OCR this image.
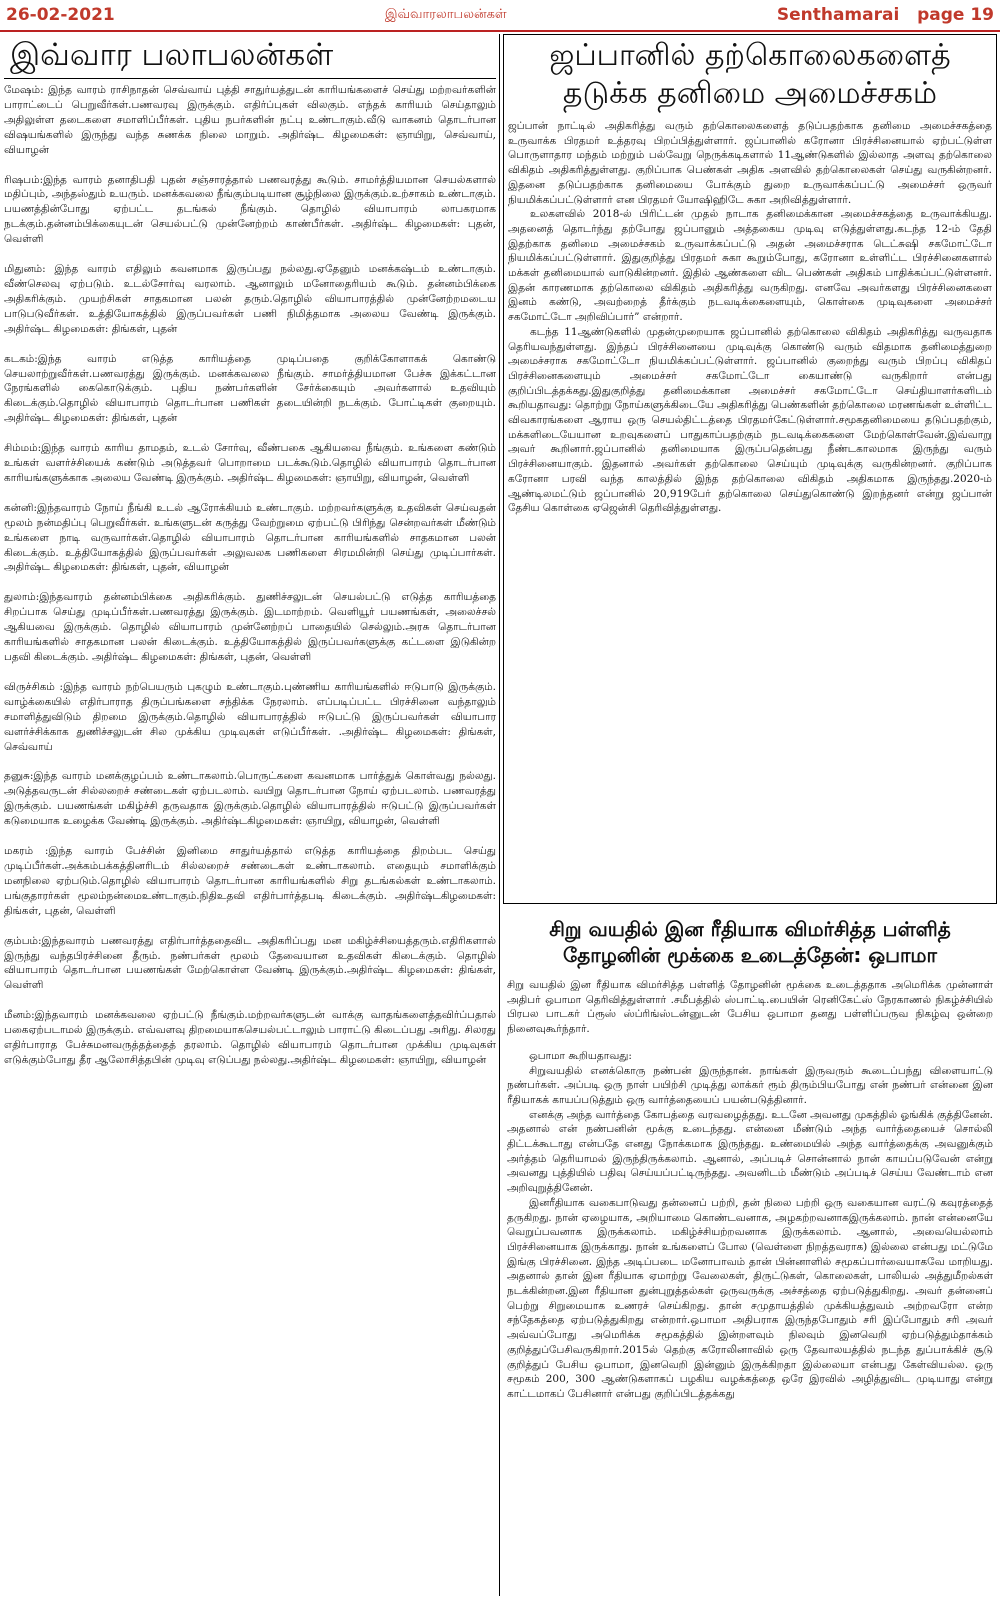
26-02-2021	இவ்வாரலாபலன்கள்	Senthamarai page 19
இவ்வார பலாபலன்கள்

மேஷம்: இந்த வாரம் ராசிநாதன் செவ்வாய் புத்தி சாதுர்யத்துடன் காரியங்களைச் செய்து மற்றவர்களின் பாராட்டைப் பெறுவீர்கள்.பணவரவு இருக்கும். எதிர்ப்புகள் விலகும். எந்தக் காரியம் செய்தாலும் அதிலுள்ள தடைகளை சமாளிப்பீர்கள். புதிய நபர்களின் நட்பு உண்டாகும்.வீடு வாகனம் தொடர்பான விஷயங்களில் இருந்து வந்த சுணக்க நிலை மாறும். அதிர்ஷ்ட கிழமைகள்: ஞாயிறு, செவ்வாய், வியாழன்

ரிஷபம்:இந்த வாரம் தனாதிபதி புதன் சஞ்சாரத்தால் பணவரத்து கூடும். சாமர்த்தியமான செயல்களால் மதிப்பும், அந்தஸ்தும் உயரும். மனக்கவலை நீங்கும்படியான சூழ்நிலை இருக்கும்.உற்சாகம் உண்டாகும். பயணத்தின்போது ஏற்பட்ட தடங்கல் நீங்கும். தொழில் வியாபாரம் லாபகரமாக நடக்கும்.தன்னம்பிக்கையுடன் செயல்பட்டு முன்னேற்றம் காண்பீர்கள். அதிர்ஷ்ட கிழமைகள்: புதன், வெள்ளி

மிதுனம்: இந்த வாரம் எதிலும் கவனமாக இருப்பது நல்லது.ஏதேனும் மனக்கஷ்டம் உண்டாகும். வீண்செலவு ஏற்படும். உடல்சோர்வு வரலாம். ஆனாலும் மனோதைரியம் கூடும். தன்னம்பிக்கை அதிகரிக்கும். முயற்சிகள் சாதகமான பலன் தரும்.தொழில் வியாபாரத்தில் முன்னேற்றமடைய பாடுபடுவீர்கள். உத்தியோகத்தில் இருப்பவர்கள் பணி நிமித்தமாக அலைய வேண்டி இருக்கும். அதிர்ஷ்ட கிழமைகள்: திங்கள், புதன்

கடகம்:இந்த வாரம் எடுத்த காரியத்தை முடிப்பதை குறிக்கோளாகக் கொண்டு செயலாற்றுவீர்கள்.பணவரத்து இருக்கும். மனக்கவலை நீங்கும். சாமர்த்தியமான பேச்சு இக்கட்டான நேரங்களில் கைகொடுக்கும். புதிய நண்பர்களின் சேர்க்கையும் அவர்களால் உதவியும் கிடைக்கும்.தொழில் வியாபாரம் தொடர்பான பணிகள் தடையின்றி நடக்கும். போட்டிகள் குறையும். அதிர்ஷ்ட கிழமைகள்: திங்கள், புதன்

சிம்மம்:இந்த வாரம் காரிய தாமதம், உடல் சோர்வு, வீண்பகை ஆகியவை நீங்கும். உங்களை கண்டும் உங்கள் வளர்ச்சியைக் கண்டும் அடுத்தவர் பொறாமை படக்கூடும்.தொழில் வியாபாரம் தொடர்பான காரியங்களுக்காக அலைய வேண்டி இருக்கும். அதிர்ஷ்ட கிழமைகள்: ஞாயிறு, வியாழன், வெள்ளி

கன்னி:இந்தவாரம் நோய் நீங்கி உடல் ஆரோக்கியம் உண்டாகும். மற்றவர்களுக்கு உதவிகள் செய்வதன் மூலம் நன்மதிப்பு பெறுவீர்கள். உங்களுடன் கருத்து வேற்றுமை ஏற்பட்டு பிரிந்து சென்றவர்கள் மீண்டும் உங்களை நாடி வருவார்கள்.தொழில் வியாபாரம் தொடர்பான காரியங்களில் சாதகமான பலன் கிடைக்கும். உத்தியோகத்தில் இருப்பவர்கள் அலுவலக பணிகளை சிரமமின்றி செய்து முடிப்பார்கள். அதிர்ஷ்ட கிழமைகள்: திங்கள், புதன், வியாழன்

துலாம்:இந்தவாரம் தன்னம்பிக்கை அதிகரிக்கும். துணிச்சலுடன் செயல்பட்டு எடுத்த காரியத்தை சிறப்பாக செய்து முடிப்பீர்கள்.பணவரத்து இருக்கும். இடமாற்றம். வெளியூர் பயணங்கள், அலைச்சல் ஆகியவை இருக்கும். தொழில் வியாபாரம் முன்னேற்றப் பாதையில் செல்லும்.அரசு தொடர்பான காரியங்களில் சாதகமான பலன் கிடைக்கும். உத்தியோகத்தில் இருப்பவர்களுக்கு கட்டளை இடுகின்ற பதவி கிடைக்கும். அதிர்ஷ்ட கிழமைகள்: திங்கள், புதன், வெள்ளி

விருச்சிகம் :இந்த வாரம் நற்பெயரும் புகழும் உண்டாகும்.புண்ணிய காரியங்களில் ஈடுபாடு இருக்கும். வாழ்க்கையில் எதிர்பாராத திருப்பங்களை சந்திக்க நேரலாம். எப்படிப்பட்ட பிரச்சினை வந்தாலும் சமாளித்துவிடும் திறமை இருக்கும்.தொழில் வியாபாரத்தில் ஈடுபட்டு இருப்பவர்கள் வியாபார வளர்ச்சிக்காக துணிச்சலுடன் சில முக்கிய முடிவுகள் எடுப்பீர்கள். .அதிர்ஷ்ட கிழமைகள்: திங்கள், செவ்வாய்

தனுசு:இந்த வாரம் மனக்குழப்பம் உண்டாகலாம்.பொருட்களை கவனமாக பார்த்துக் கொள்வது நல்லது. அடுத்தவருடன் சில்லறைச் சண்டைகள் ஏற்படலாம். வயிறு தொடர்பான நோய் ஏற்படலாம். பணவரத்து இருக்கும். பயணங்கள் மகிழ்ச்சி தருவதாக இருக்கும்.தொழில் வியாபாரத்தில் ஈடுபட்டு இருப்பவர்கள் கடுமையாக உழைக்க வேண்டி இருக்கும். அதிர்ஷ்டகிழமைகள்: ஞாயிறு, வியாழன், வெள்ளி

மகரம் :இந்த வாரம் பேச்சின் இனிமை சாதுர்யத்தால் எடுத்த காரியத்தை திறம்பட செய்து முடிப்பீர்கள்.அக்கம்பக்கத்தினரிடம் சில்லறைச் சண்டைகள் உண்டாகலாம். எதையும் சமாளிக்கும் மனநிலை ஏற்படும்.தொழில் வியாபாரம் தொடர்பான காரியங்களில் சிறு தடங்கல்கள் உண்டாகலாம். பங்குதாரர்கள் மூலம்நன்மைஉண்டாகும்.நிதிஉதவி எதிர்பார்த்தபடி கிடைக்கும். அதிர்ஷ்டகிழமைகள்: திங்கள், புதன், வெள்ளி

கும்பம்:இந்தவாரம் பணவரத்து எதிர்பார்த்ததைவிட அதிகரிப்பது மன மகிழ்ச்சியைத்தரும்.எதிரிகளால் இருந்து வந்தபிரச்சினை தீரும். நண்பர்கள் மூலம் தேவையான உதவிகள் கிடைக்கும். தொழில் வியாபாரம் தொடர்பான பயணங்கள் மேற்கொள்ள வேண்டி இருக்கும்.அதிர்ஷ்ட கிழமைகள்: திங்கள், வெள்ளி

மீனம்:இந்தவாரம் மனக்கவலை ஏற்பட்டு நீங்கும்.மற்றவர்களுடன் வாக்கு வாதங்களைத்தவிர்ப்பதால் பகைஏற்படாமல் இருக்கும். எவ்வளவு திறமையாகசெயல்பட்டாலும் பாராட்டு கிடைப்பது அரிது. சிலரது எதிர்பாராத பேச்சுமனவருத்தத்தைத் தரலாம். தொழில் வியாபாரம் தொடர்பான முக்கிய முடிவுகள் எடுக்கும்போது தீர ஆலோசித்தபின் முடிவு எடுப்பது நல்லது.அதிர்ஷ்ட கிழமைகள்: ஞாயிறு, வியாழன்

ஜப்பானில் தற்கொலைகளைத் தடுக்க தனிமை அமைச்சகம்

ஜப்பான் நாட்டில் அதிகரித்து வரும் தற்கொலைகளைத் தடுப்பதற்காக தனிமை அமைச்சகத்தை உருவாக்க பிரதமர் உத்தரவு பிறப்பித்துள்ளார். ஜப்பானில் கரோனா பிரச்சினையால் ஏற்பட்டுள்ள பொருளாதார மந்தம் மற்றும் பல்வேறு நெருக்கடிகளால் 11ஆண்டுகளில் இல்லாத அளவு தற்கொலை விகிதம் அதிகரித்துள்ளது. குறிப்பாக பெண்கள் அதிக அளவில் தற்கொலைகள் செய்து வருகின்றனர். இதனை தடுப்பதற்காக தனிமையை போக்கும் துறை உருவாக்கப்பட்டு அமைச்சர் ஒருவர் நியமிக்கப்பட்டுள்ளார் என பிரதமர் யோஷிஹிடே சுகா அறிவித்துள்ளார்.

உலகளவில் 2018-ல் பிரிட்டன் முதல் நாடாக தனிமைக்கான அமைச்சகத்தை உருவாக்கியது. அதனைத் தொடர்ந்து தற்போது ஜப்பானும் அத்தகைய முடிவு எடுத்துள்ளது.கடந்த 12-ம் தேதி இதற்காக தனிமை அமைச்சகம் உருவாக்கப்பட்டு அதன் அமைச்சராக டெட்சுஷி சகமோட்டோ நியமிக்கப்பட்டுள்ளார். இதுகுறித்து பிரதமர் சுகா கூறும்போது, கரோனா உள்ளிட்ட பிரச்சினைகளால் மக்கள் தனிமையால் வாடுகின்றனர். இதில் ஆண்களை விட பெண்கள் அதிகம் பாதிக்கப்பட்டுள்ளனர். இதன் காரணமாக தற்கொலை விகிதம் அதிகரித்து வருகிறது. எனவே அவர்களது பிரச்சினைகளை இனம் கண்டு, அவற்றைத் தீர்க்கும் நடவடிக்கைளையும், கொள்கை முடிவுகளை அமைச்சர் சகமோட்டோ அறிவிப்பார்” என்றார்.

கடந்த 11ஆண்டுகளில் முதன்முறையாக ஜப்பானில் தற்கொலை விகிதம் அதிகரித்து வருவதாக தெரியவந்துள்ளது. இந்தப் பிரச்சினையை முடிவுக்கு கொண்டு வரும் விதமாக தனிமைத்துறை அமைச்சராக சகமோட்டோ நியமிக்கப்பட்டுள்ளார். ஜப்பானில் குறைந்து வரும் பிறப்பு விகிதப் பிரச்சினைகளையும் அமைச்சர் சகமோட்டோ கையாண்டு வருகிறார் என்பது குறிப்பிடத்தக்கது.இதுகுறித்து தனிமைக்கான அமைச்சர் சகமோட்டோ செய்தியாளர்களிடம் கூறியதாவது: தொற்று நோய்களுக்கிடையே அதிகரித்து பெண்களின் தற்கொலை மரணங்கள் உள்ளிட்ட விவகாரங்களை ஆராய ஒரு செயல்திட்டத்தை பிரதமர்கேட்டுள்ளார்.சமூகதனிமையை தடுப்பதற்கும், மக்களிடையேயான உறவுகளைப் பாதுகாப்பதற்கும் நடவடிக்கைகளை மேற்கொள்வேன்.இவ்வாறு அவர் கூறினார்.ஜப்பானில் தனிமையாக இருப்பதென்பது நீண்டகாலமாக இருந்து வரும் பிரச்சினையாகும். இதனால் அவர்கள் தற்கொலை செய்யும் முடிவுக்கு வருகின்றனர். குறிப்பாக கரோனா பரவி வந்த காலத்தில் இந்த தற்கொலை விகிதம் அதிகமாக இருந்தது.2020-ம் ஆண்டிலமட்டும் ஜப்பானில் 20,919பேர் தற்கொலை செய்துகொண்டு இறந்தனர் என்று ஜப்பான் தேசிய கொள்கை ஏஜென்சி தெரிவித்துள்ளது.

சிறு வயதில் இன ரீதியாக விமர்சித்த பள்ளித் தோழனின் மூக்கை உடைத்தேன்: ஒபாமா

சிறு வயதில் இன ரீதியாக விமர்சித்த பள்ளித் தோழனின் மூக்கை உடைத்ததாக அமெரிக்க முன்னாள் அதிபர் ஒபாமா தெரிவித்துள்ளார் .சமீபத்தில் ஸ்பாட்டி.பையின் ரெனிகேட்ஸ் நேரகாணல் நிகழ்ச்சியில் பிரபல பாடகர் ப்ரூஸ் ஸ்ப்ரிங்ஸ்டன்னுடன் பேசிய ஒபாமா தனது பள்ளிப்பருவ நிகழ்வு ஒன்றை நினைவுகூர்ந்தார்.

ஒபாமா கூறியதாவது:

சிறுவயதில் எனக்கொரு நண்பன் இருந்தான். நாங்கள் இருவரும் கூடைப்பந்து விளையாட்டு நண்பர்கள். அப்படி ஒரு நாள் பயிற்சி முடித்து லாக்கர் ரூம் திரும்பியபோது என் நண்பர் என்னை இன ரீதியாகக் காயப்படுத்தும் ஒரு வார்த்தையைப் பயன்படுத்தினார்.

எனக்கு அந்த வார்த்தை கோபத்தை வரவழைத்தது. உடனே அவனது முகத்தில் ஓங்கிக் குத்தினேன். அதனால் என் நண்பனின் மூக்கு உடைந்தது. என்னை மீண்டும் அந்த வார்த்தையைச் சொல்லி திட்டக்கூடாது என்பதே எனது நோக்கமாக இருந்தது. உண்மையில் அந்த வார்த்தைக்கு அவனுக்கும் அர்த்தம் தெரியாமல் இருந்திருக்கலாம். ஆனால், அப்படிச் சொன்னால் நான் காயப்படுவேன் என்று அவனது புத்தியில் பதிவு செய்யப்பட்டிருந்தது. அவனிடம் மீண்டும் அப்படிச் செய்ய வேண்டாம் என அறிவுறுத்தினேன்.

இனரீதியாக வகைபாடுவது தன்னைப் பற்றி, தன் நிலை பற்றி ஒரு வகையான வரட்டு கவுரத்தைத் தருகிறது. நான் ஏழையாக, அறியாமை கொண்டவனாக, அழகற்றவனாகஇருக்கலாம். நான் என்னையே வெறுப்பவனாக இருக்கலாம். மகிழ்ச்சியற்றவனாக இருக்கலாம். ஆனால், அவையெல்லாம் பிரச்சினையாக இருக்காது. நான் உங்களைப் போல (வெள்ளை நிறத்தவராக) இல்லை என்பது மட்டுமே இங்கு பிரச்சினை. இந்த அடிப்படை மனோபாவம் தான் பின்னாளில் சமூகப்பார்வையாகவே மாறியது. அதனால் தான் இன ரீதியாக ஏமாற்று வேலைகள், திருட்டுகள், கொலைகள், பாலியல் அத்துமீறல்கள் நடக்கின்றன.இன ரீதியான துன்புறுத்தல்கள் ஒருவருக்கு அச்சத்தை ஏற்படுத்துகிறது. அவர் தன்னைப் பெற்று சிறுமையாக உணரச் செய்கிறது. தான் சமுதாயத்தில் முக்கியத்துவம் அற்றவரோ என்ற சந்தேகத்தை ஏற்படுத்துகிறது என்றார்.ஒபாமா அதிபராக இருந்தபோதும் சரி இப்போதும் சரி அவர் அவ்வப்போது அமெரிக்க சமூகத்தில் இன்றளவும் நிலவும் இனவெறி ஏற்படுத்தும்தாக்கம் குறித்துப்பேசிவருகிறார்.2015ல் தெற்கு கரோலினாவில் ஒரு தேவாலயத்தில் நடந்த துப்பாக்கிச் சூடு குறித்துப் பேசிய ஒபாமா, இனவெறி இன்னும் இருக்கிறதா இல்லையா என்பது கேள்வியல்ல. ஒரு சமூகம் 200, 300 ஆண்டுகளாகப் பழகிய வழக்கத்தை ஒரே இரவில் அழித்துவிட முடியாது என்று காட்டமாகப் பேசினார் என்பது குறிப்பிடத்தக்கது
